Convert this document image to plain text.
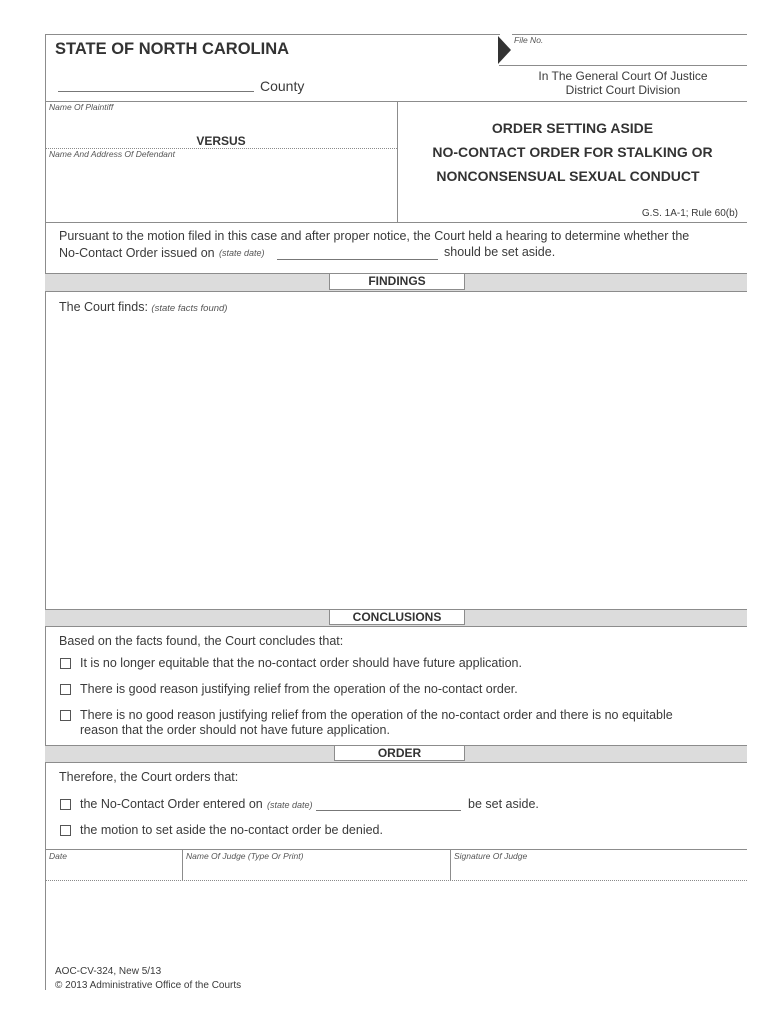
STATE OF NORTH CAROLINA
County
File No.
In The General Court Of Justice
District Court Division
Name Of Plaintiff
VERSUS
Name And Address Of Defendant
ORDER SETTING ASIDE
NO-CONTACT ORDER FOR STALKING OR
NONCONSENSUAL SEXUAL CONDUCT
G.S. 1A-1; Rule 60(b)
Pursuant to the motion filed in this case and after proper notice, the Court held a hearing to determine whether the
No-Contact Order issued on (state date)	should be set aside.
FINDINGS
The Court finds: (state facts found)
CONCLUSIONS
Based on the facts found, the Court concludes that:
It is no longer equitable that the no-contact order should have future application.
There is good reason justifying relief from the operation of the no-contact order.
There is no good reason justifying relief from the operation of the no-contact order and there is no equitable
reason that the order should not have future application.
ORDER
Therefore, the Court orders that:
the No-Contact Order entered on (state date)	be set aside.
the motion to set aside the no-contact order be denied.
Date	Name Of Judge (Type Or Print)	Signature Of Judge
AOC-CV-324, New 5/13
© 2013 Administrative Office of the Courts
